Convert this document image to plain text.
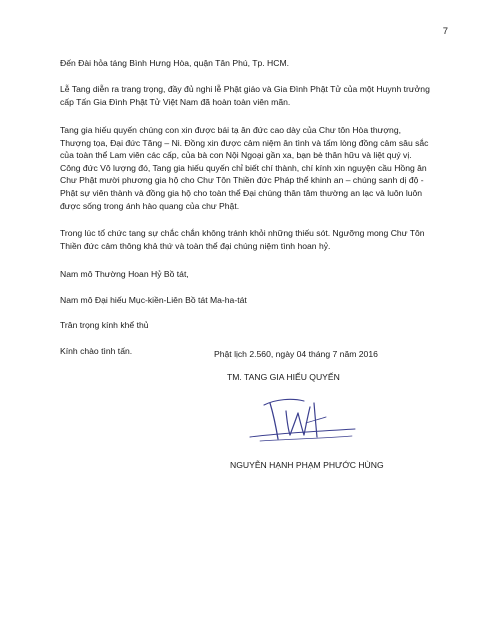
7

Đến Đài hỏa táng Bình Hưng Hòa, quận Tân Phú, Tp. HCM.

Lễ Tang diễn ra trang trọng, đầy đủ nghi lễ Phật giáo và Gia Đình Phật Tử của một Huynh trưởng cấp Tấn Gia Đình Phật Tử Việt Nam đã hoàn toàn viên mãn.

Tang gia hiếu quyến chúng con xin được bái tạ ân đức cao dày của Chư tôn Hòa thượng, Thượng tọa, Đại đức Tăng – Ni. Đồng xin được cảm niệm ân tình và tấm lòng đồng cảm sâu sắc của toàn thể Lam viên các cấp, của bà con Nội Ngoại gần xa, bạn bè thân hữu và liệt quý vị. Công đức Vô lượng đó, Tang gia hiếu quyến chỉ biết chí thành, chí kính xin nguyện cầu Hồng ân Chư Phật mười phương gia hộ cho Chư Tôn Thiền đức Pháp thể khinh an – chúng sanh dị độ - Phật sự viên thành và đồng gia hộ cho toàn thể Đại chúng thân tâm thường an lạc và luôn luôn được sống trong ánh hào quang của chư Phật.

Trong lúc tổ chức tang sự chắc chắn không tránh khỏi những thiếu sót. Ngưỡng mong Chư Tôn Thiền đức cảm thông khả thứ và toàn thể đại chúng niệm tình hoan hỷ.

Nam mô Thường Hoan Hỷ Bồ tát,

Nam mô Đại hiếu Mục-kiền-Liên Bồ tát Ma-ha-tát

Trân trọng kính khể thủ

Kính chào tình tấn.	Phật lịch 2.560, ngày 04 tháng 7 năm 2016
TM. TANG GIA HIẾU QUYẾN
NGUYỄN HẠNH PHẠM PHƯỚC HÙNG
